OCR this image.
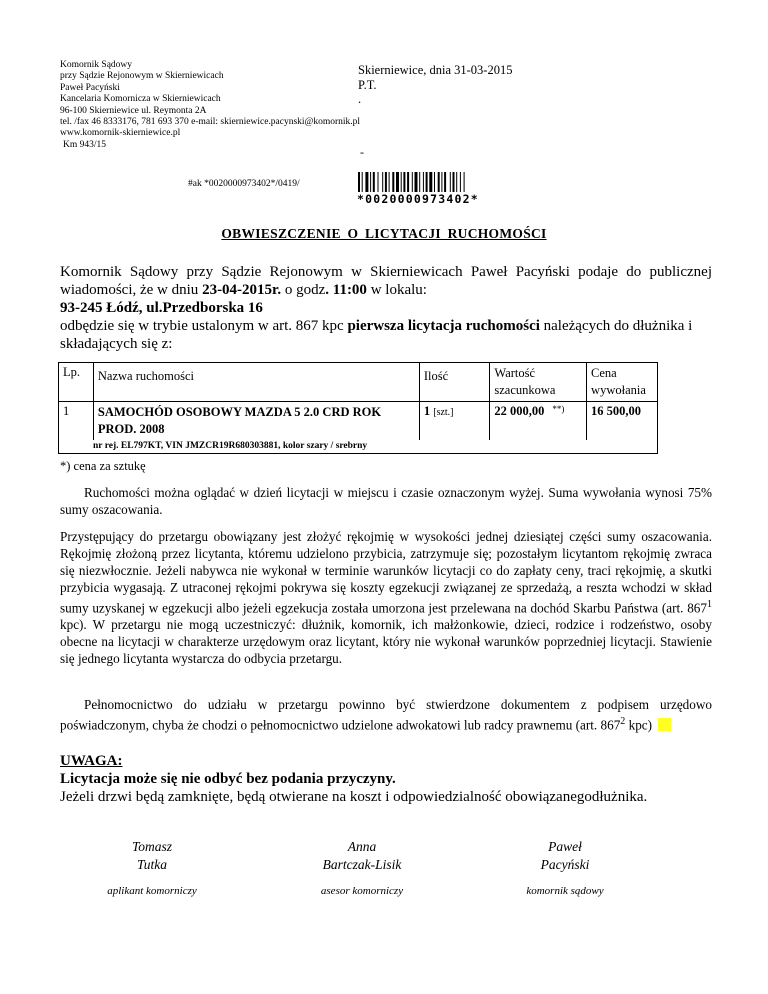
Komornik Sądowy
przy Sądzie Rejonowym w Skierniewicach
Paweł Pacyński
Kancelaria Komornicza w Skierniewicach
96-100 Skierniewice ul. Reymonta 2A
tel. /fax 46 8333176, 781 693 370 e-mail: skierniewice.pacynski@komornik.pl
www.komornik-skierniewice.pl
Km 943/15
Skierniewice, dnia 31-03-2015
P.T.
.
-
#ak *0020000973402*/0419/
*0020000973402*
OBWIESZCZENIE O LICYTACJI RUCHOMOŚCI
Komornik Sądowy przy Sądzie Rejonowym w Skierniewicach Paweł Pacyński podaje do publicznej
wiadomości, że w dniu 23-04-2015r. o godz. 11:00 w lokalu:
93-245 Łódź, ul.Przedborska 16
odbędzie się w trybie ustalonym w art. 867 kpc pierwsza licytacja ruchomości należących do dłużnika i
składających się z:
Lp.	Nazwa ruchomości	Ilość	Wartość szacunkowa	Cena wywołania
1	SAMOCHÓD OSOBOWY MAZDA 5 2.0 CRD ROK PROD. 2008	1 [szt.]	22 000,00 **)	16 500,00
nr rej. EL797KT, VIN JMZCR19R680303881, kolor szary / srebrny				
*) cena za sztukę
Ruchomości można oglądać w dzień licytacji w miejscu i czasie oznaczonym wyżej. Suma wywołania wynosi 75% sumy oszacowania.
Przystępujący do przetargu obowiązany jest złożyć rękojmię w wysokości jednej dziesiątej części sumy oszacowania. Rękojmię złożoną przez licytanta, któremu udzielono przybicia, zatrzymuje się; pozostałym licytantom rękojmię zwraca się niezwłocznie. Jeżeli nabywca nie wykonał w terminie warunków licytacji co do zapłaty ceny, traci rękojmię, a skutki przybicia wygasają. Z utraconej rękojmi pokrywa się koszty egzekucji związanej ze sprzedażą, a reszta wchodzi w skład sumy uzyskanej w egzekucji albo jeżeli egzekucja została umorzona jest przelewana na dochód Skarbu Państwa (art. $867^1$ kpc). W przetargu nie mogą uczestniczyć: dłużnik, komornik, ich małżonkowie, dzieci, rodzice i rodzeństwo, osoby obecne na licytacji w charakterze urzędowym oraz licytant, który nie wykonał warunków poprzedniej licytacji. Stawienie się jednego licytanta wystarcza do odbycia przetargu.
Pełnomocnictwo do udziału w przetargu powinno być stwierdzone dokumentem z podpisem urzędowo poświadczonym, chyba że chodzi o pełnomocnictwo udzielone adwokatowi lub radcy prawnemu (art. $867^2$ kpc)
UWAGA:
Licytacja może się nie odbyć bez podania przyczyny.
Jeżeli drzwi będą zamknięte, będą otwierane na koszt i odpowiedzialność obowiązanegodłużnika.
Tomasz
Tutka
aplikant komorniczy
Anna
Bartczak-Lisik
asesor komorniczy
Paweł
Pacyński
komornik sądowy
